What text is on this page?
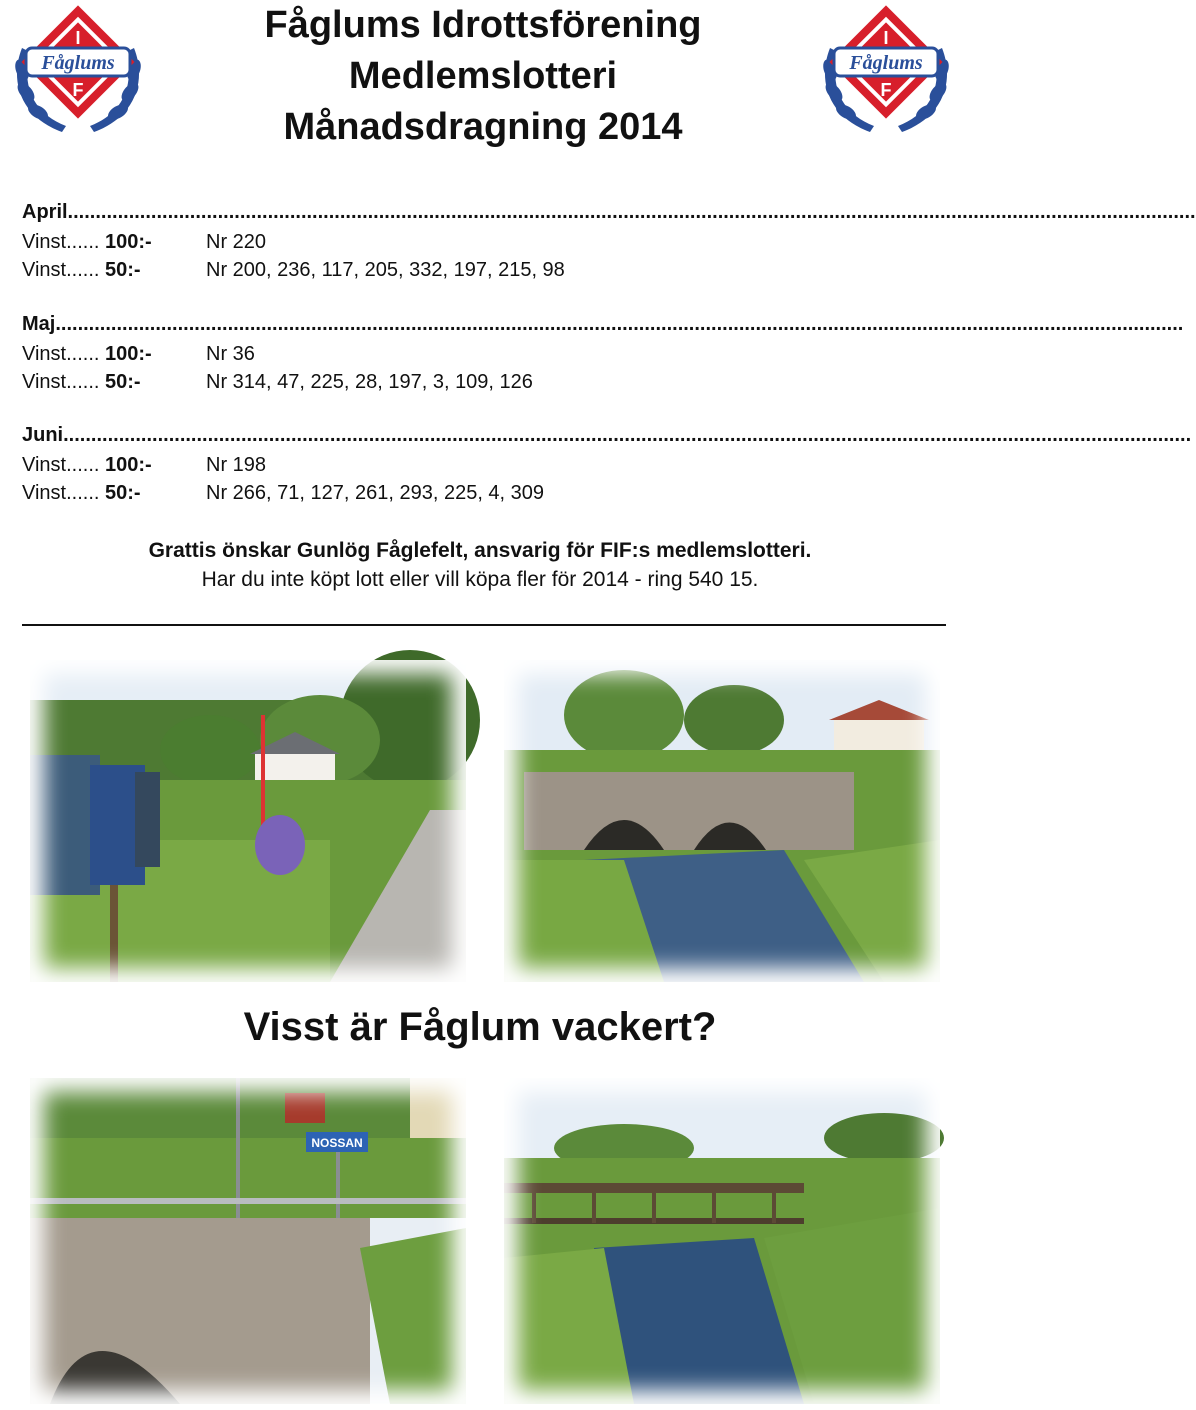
I
Fåglums
F
I
Fåglums
F
Fåglums Idrottsförening
Medlemslotteri
Månadsdragning 2014
April... ........................................................................................................................................................................................................
Vinst...... 100:-	Nr 220
Vinst...... 50:-	Nr 200, 236, 117, 205, 332, 197, 215, 98
Maj... ........................................................................................................................................................................................................
Vinst...... 100:-	Nr 36
Vinst...... 50:-	Nr 314, 47, 225, 28, 197, 3, 109, 126
Juni... ........................................................................................................................................................................................................
Vinst...... 100:-	Nr 198
Vinst...... 50:-	Nr 266, 71, 127, 261, 293, 225, 4, 309
Grattis önskar Gunlög Fåglefelt, ansvarig för FIF:s medlemslotteri.
Har du inte köpt lott eller vill köpa fler för 2014 - ring 540 15.
Visst är Fåglum vackert?
NOSSAN
